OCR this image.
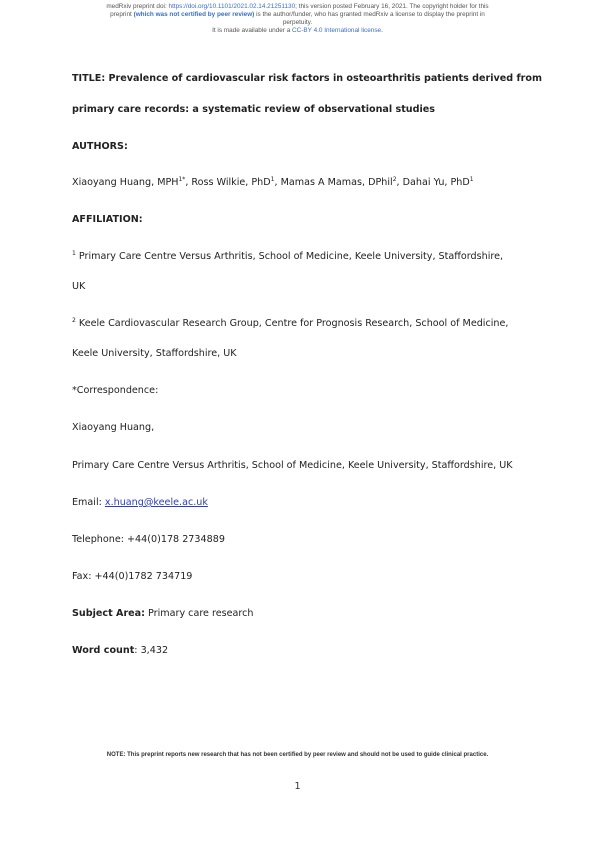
medRxiv preprint doi: https://doi.org/10.1101/2021.02.14.21251130; this version posted February 16, 2021. The copyright holder for this
preprint (which was not certified by peer review) is the author/funder, who has granted medRxiv a license to display the preprint in
perpetuity.
It is made available under a CC-BY 4.0 International license.
TITLE: Prevalence of cardiovascular risk factors in osteoarthritis patients derived from
primary care records: a systematic review of observational studies
AUTHORS:
Xiaoyang Huang, $MPH^{1*}$, Ross Wilkie, PhD$^1$, Mamas A Mamas, DPhil$^2$, Dahai Yu, PhD$^1$
AFFILIATION:
$^1$ Primary Care Centre Versus Arthritis, School of Medicine, Keele University, Staffordshire,
UK
$^2$ Keele Cardiovascular Research Group, Centre for Prognosis Research, School of Medicine,
Keele University, Staffordshire, UK
*Correspondence:
Xiaoyang Huang,
Primary Care Centre Versus Arthritis, School of Medicine, Keele University, Staffordshire, UK
Email: x.huang@keele.ac.uk
Telephone: +44(0)178 2734889
Fax: +44(0)1782 734719
Subject Area: Primary care research
Word count: 3,432
NOTE: This preprint reports new research that has not been certified by peer review and should not be used to guide clinical practice.
1
